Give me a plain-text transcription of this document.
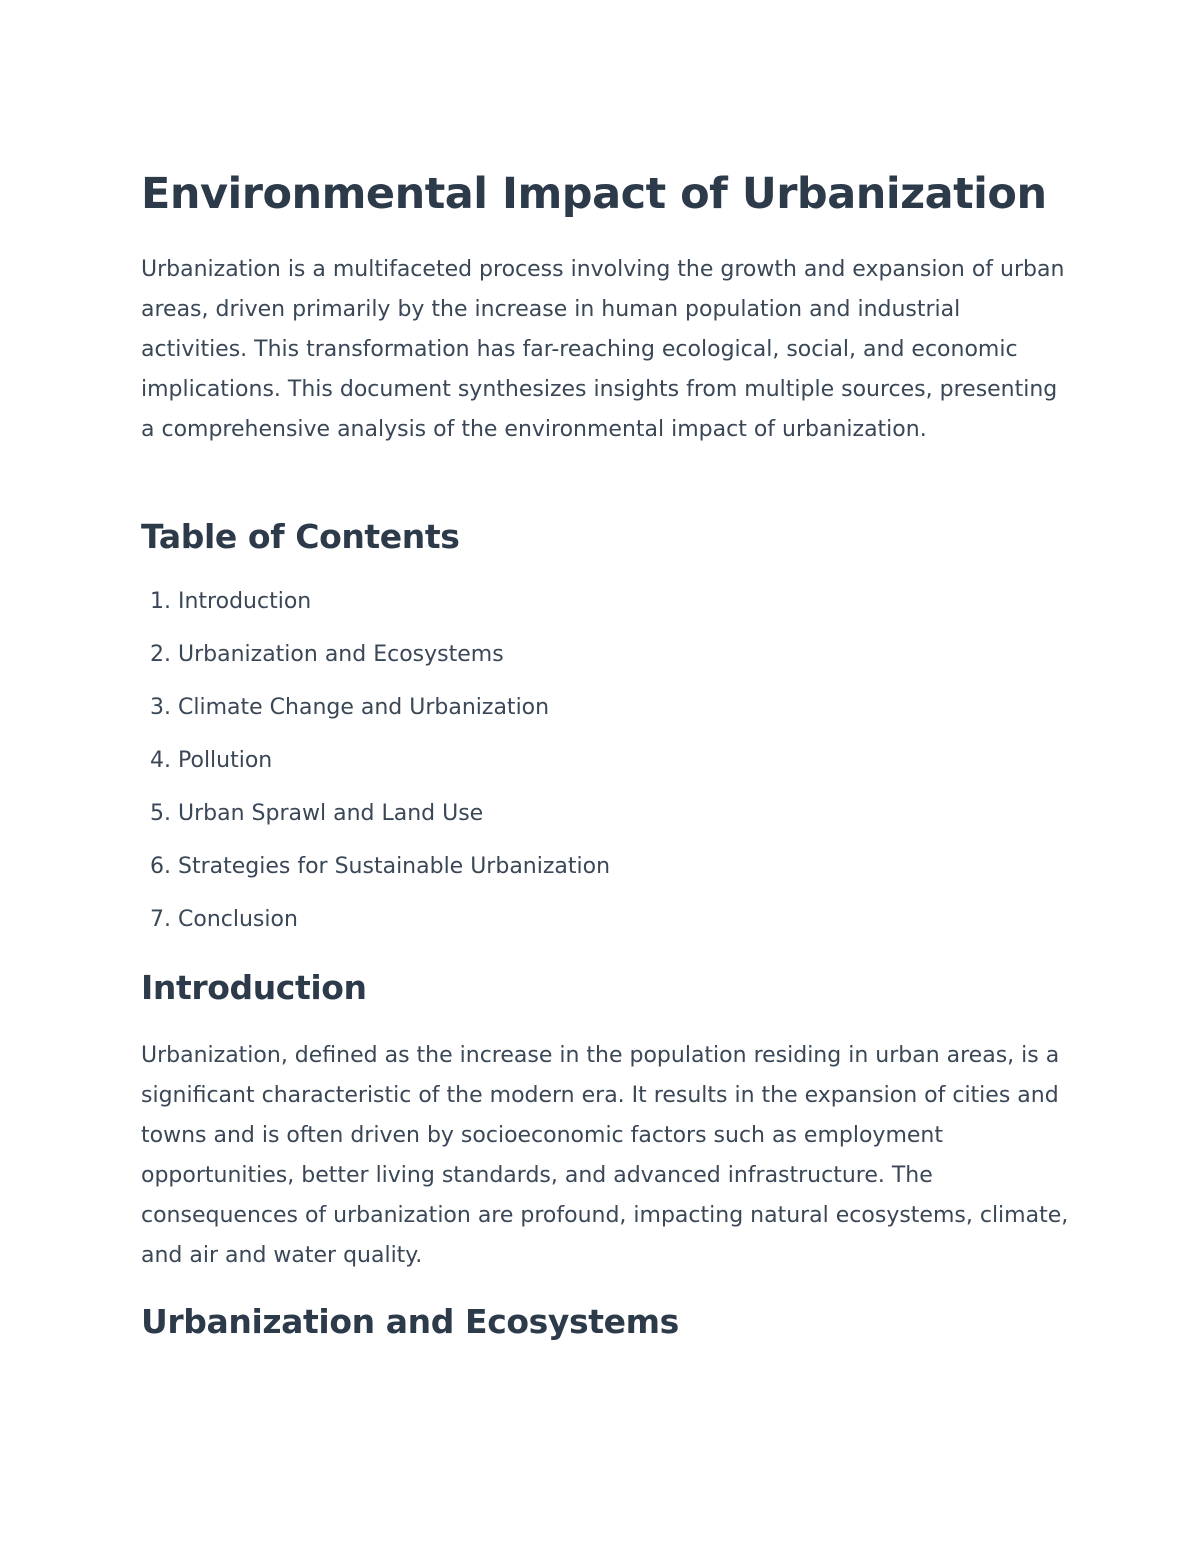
Environmental Impact of Urbanization

Urbanization is a multifaceted process involving the growth and expansion of urban areas, driven primarily by the increase in human population and industrial activities. This transformation has far-reaching ecological, social, and economic implications. This document synthesizes insights from multiple sources, presenting a comprehensive analysis of the environmental impact of urbanization.

Table of Contents
1. Introduction
2. Urbanization and Ecosystems
3. Climate Change and Urbanization
4. Pollution
5. Urban Sprawl and Land Use
6. Strategies for Sustainable Urbanization
7. Conclusion
Introduction

Urbanization, defined as the increase in the population residing in urban areas, is a significant characteristic of the modern era. It results in the expansion of cities and towns and is often driven by socioeconomic factors such as employment opportunities, better living standards, and advanced infrastructure. The consequences of urbanization are profound, impacting natural ecosystems, climate, and air and water quality.

Urbanization and Ecosystems
